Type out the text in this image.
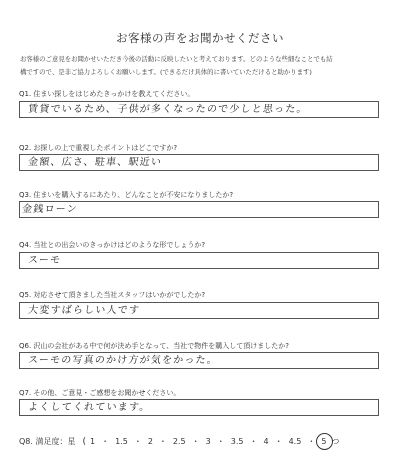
お客様の声をお聞かせください
お客様のご意見をお聞かせいただき今後の活動に反映したいと考えております。どのような些細なことでも結
構ですので、是非ご協力よろしくお願いします。(できるだけ具体的に書いていただけると助かります)
Q1. 住まい探しをはじめたきっかけを教えてください。
賃貸でいるため、子供が多くなったので少しと思った。
Q2. お探しの上で重視したポイントはどこですか?
金額、広さ、駐車、駅近い
Q3. 住まいを購入するにあたり、どんなことが不安になりましたか?
金銭ローン
Q4. 当社との出会いのきっかけはどのような形でしょうか?
スーモ
Q5. 対応させて頂きました当社スタッフはいかがでしたか?
大変すばらしい人です
Q6. 沢山の会社がある中で何が決め手となって、当社で物件を購入して頂けましたか?
スーモの写真のかけ方が気をかった。
Q7. その他、ご意見・ご感想をお聞かせください。
よくしてくれています。
Q8. 満足度：星 ( 1 ・ 1.5 ・ 2 ・ 2.5 ・ 3 ・ 3.5 ・ 4 ・ 4.5 ・ 5 つ
